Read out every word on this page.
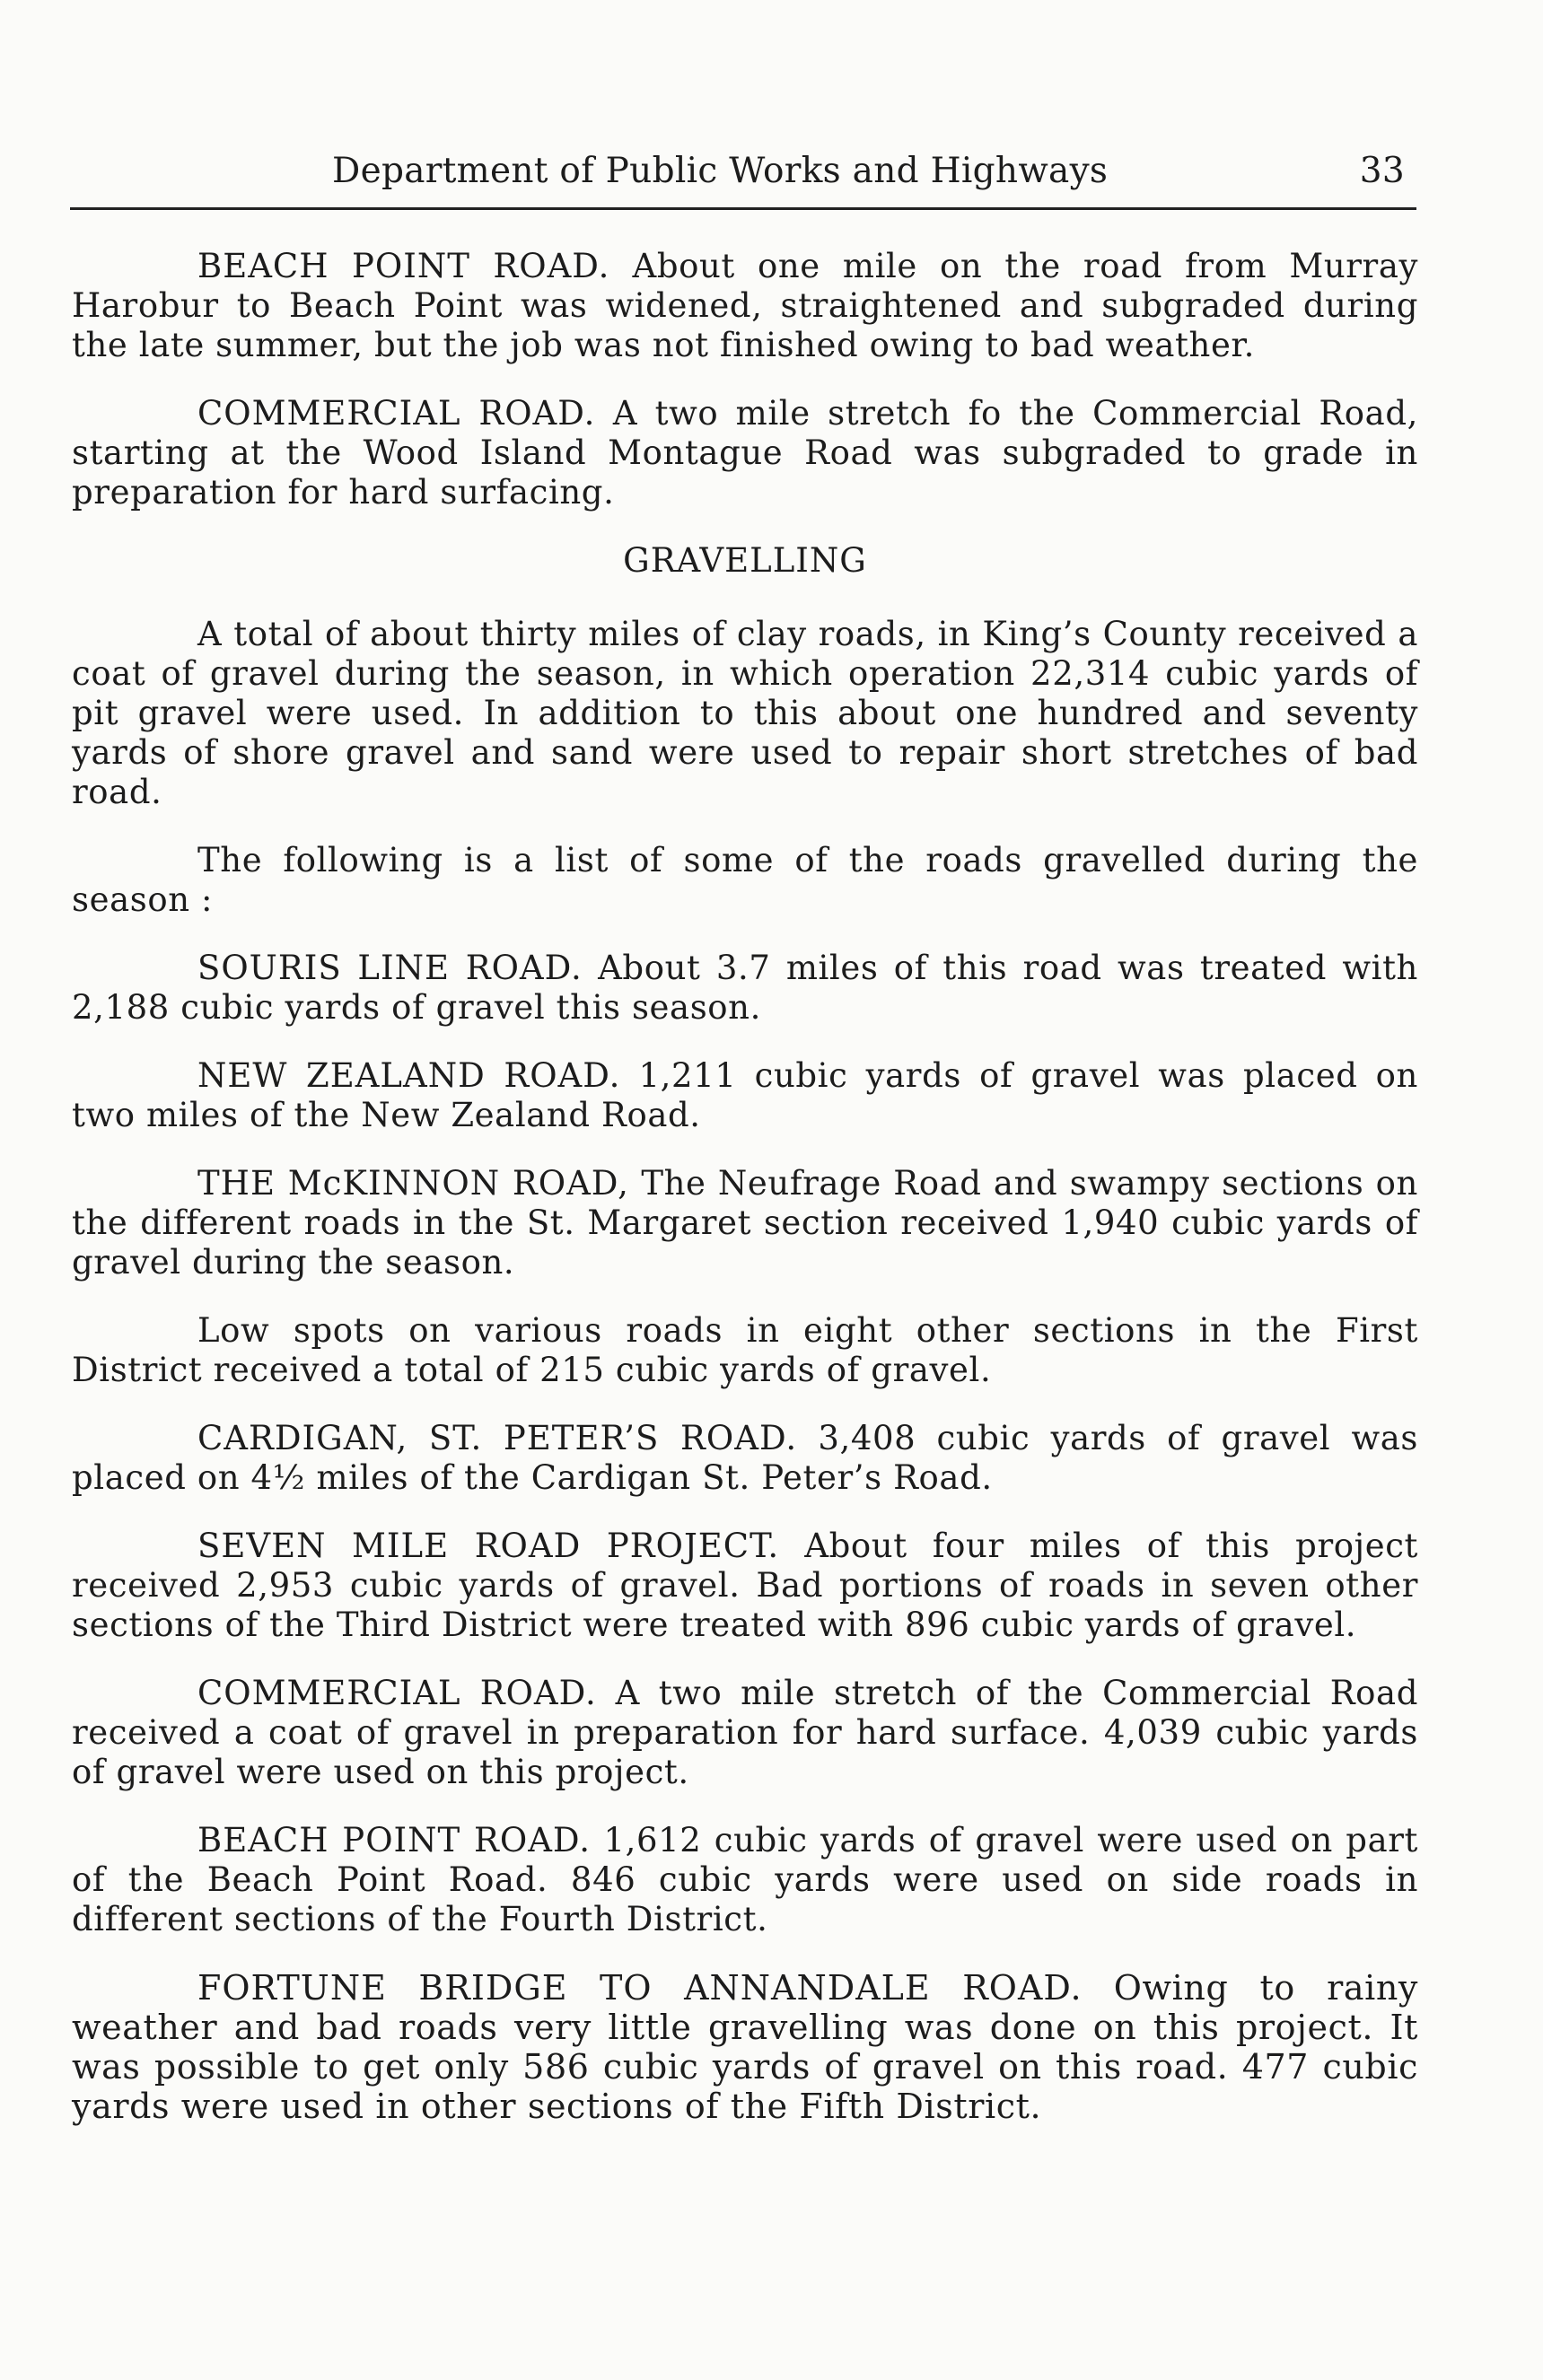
Department of Public Works and Highways	33

BEACH POINT ROAD. About one mile on the road from Murray Harobur to Beach Point was widened, straightened and subgraded during the late summer, but the job was not finished owing to bad weather.

COMMERCIAL ROAD. A two mile stretch fo the Commercial Road, starting at the Wood Island Montague Road was subgraded to grade in preparation for hard surfacing.

GRAVELLING

A total of about thirty miles of clay roads, in King’s County received a coat of gravel during the season, in which operation 22,314 cubic yards of pit gravel were used. In addition to this about one hundred and seventy yards of shore gravel and sand were used to repair short stretches of bad road.

The following is a list of some of the roads gravelled during the season :

SOURIS LINE ROAD. About 3.7 miles of this road was treated with 2,188 cubic yards of gravel this season.

NEW ZEALAND ROAD. 1,211 cubic yards of gravel was placed on two miles of the New Zealand Road.

THE McKINNON ROAD, The Neufrage Road and swampy sections on the different roads in the St. Margaret section received 1,940 cubic yards of gravel during the season.

Low spots on various roads in eight other sections in the First District received a total of 215 cubic yards of gravel.

CARDIGAN, ST. PETER’S ROAD. 3,408 cubic yards of gravel was placed on 4½ miles of the Cardigan St. Peter’s Road.

SEVEN MILE ROAD PROJECT. About four miles of this project received 2,953 cubic yards of gravel. Bad portions of roads in seven other sections of the Third District were treated with 896 cubic yards of gravel.

COMMERCIAL ROAD. A two mile stretch of the Commercial Road received a coat of gravel in preparation for hard surface. 4,039 cubic yards of gravel were used on this project.

BEACH POINT ROAD. 1,612 cubic yards of gravel were used on part of the Beach Point Road. 846 cubic yards were used on side roads in different sections of the Fourth District.

FORTUNE BRIDGE TO ANNANDALE ROAD. Owing to rainy weather and bad roads very little gravelling was done on this project. It was possible to get only 586 cubic yards of gravel on this road. 477 cubic yards were used in other sections of the Fifth District.
